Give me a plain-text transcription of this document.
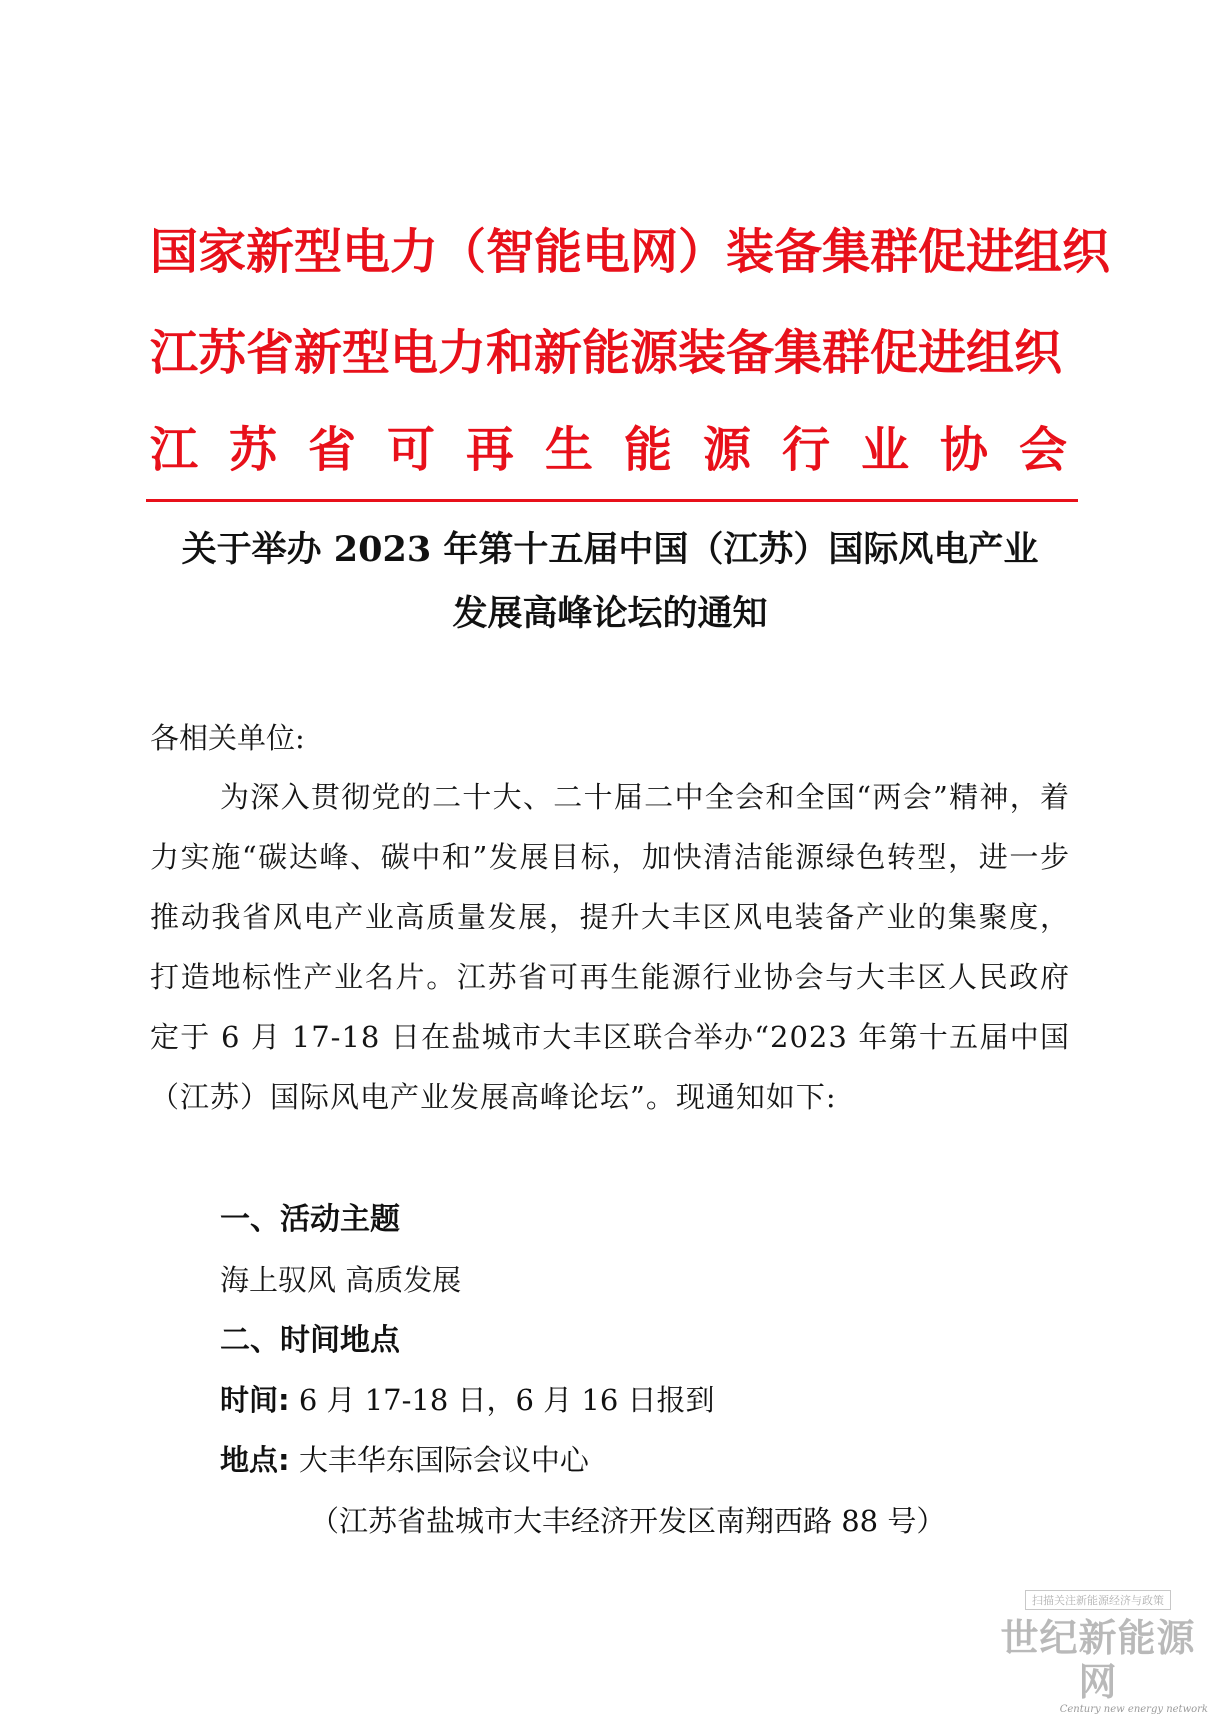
国家新型电力（智能电网）装备集群促进组织
江苏省新型电力和新能源装备集群促进组织
江苏省可再生能源行业协会
关于举办 2023 年第十五届中国（江苏）国际风电产业
发展高峰论坛的通知
各相关单位:
为深入贯彻党的二十大、二十届二中全会和全国“两会”精神，着力实施“碳达峰、碳中和”发展目标，加快清洁能源绿色转型，进一步推动我省风电产业高质量发展，提升大丰区风电装备产业的集聚度，打造地标性产业名片。江苏省可再生能源行业协会与大丰区人民政府定于 6 月 17-18 日在盐城市大丰区联合举办“2023 年第十五届中国（江苏）国际风电产业发展高峰论坛”。现通知如下:
一、活动主题
海上驭风 高质发展
二、时间地点
时间: 6 月 17-18 日，6 月 16 日报到
地点: 大丰华东国际会议中心
（江苏省盐城市大丰经济开发区南翔西路 88 号）
扫描关注新能源经济与政策
世纪新能源网
Century new energy network
